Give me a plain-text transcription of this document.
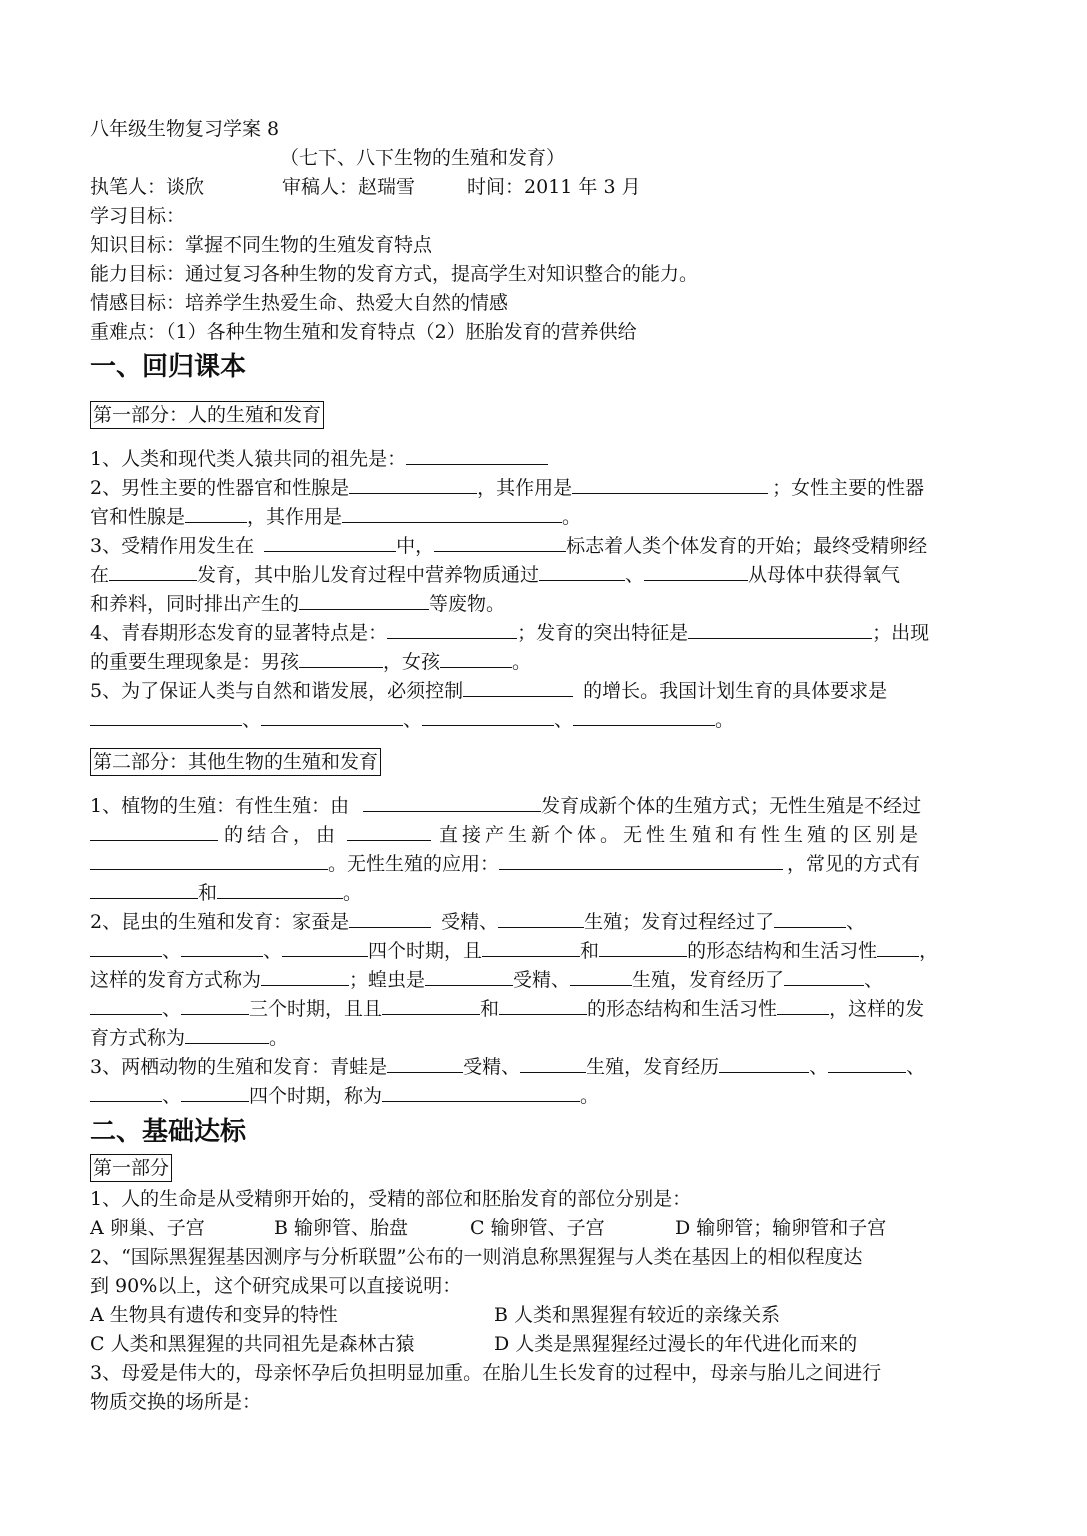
八年级生物复习学案 8
（七下、八下生物的生殖和发育）
执笔人：谈欣	审稿人：赵瑞雪	时间：2011 年 3 月
学习目标：
知识目标：掌握不同生物的生殖发育特点
能力目标：通过复习各种生物的发育方式，提高学生对知识整合的能力。
情感目标：培养学生热爱生命、热爱大自然的情感
重难点：（1）各种生物生殖和发育特点（2）胚胎发育的营养供给
一、回归课本
第一部分：人的生殖和发育
1、人类和现代类人猿共同的祖先是：
2、男性主要的性器官和性腺是	，其作用是	；女性主要的性器
官和性腺是	，其作用是	。
3、受精作用发生在	中，	标志着人类个体发育的开始；最终受精卵经
在	发育，其中胎儿发育过程中营养物质通过	、	从母体中获得氧气
和养料，同时排出产生的	等废物。
4、青春期形态发育的显著特点是：	；发育的突出特征是	；出现
的重要生理现象是：男孩	，女孩	。
5、为了保证人类与自然和谐发展，必须控制	的增长。我国计划生育的具体要求是
、	、	、	。
第二部分：其他生物的生殖和发育
1、植物的生殖：有性生殖：由	发育成新个体的生殖方式；无性生殖是不经过
的结合，由	直接产生新个体。无性生殖和有性生殖的区别是
。无性生殖的应用：	，常见的方式有
和	。
2、昆虫的生殖和发育：家蚕是	受精、	生殖；发育过程经过了	、
、	、	四个时期，且	和	的形态结构和生活习性 ，
这样的发育方式称为	；蝗虫是	受精、	生殖，发育经历了	、
、	三个时期，且且	和	的形态结构和生活习性	，这样的发
育方式称为	。
3、两栖动物的生殖和发育：青蛙是	受精、	生殖，发育经历	、	、
、	四个时期，称为	。
二、基础达标
第一部分
1、人的生命是从受精卵开始的，受精的部位和胚胎发育的部位分别是：
A 卵巢、子宫	B 输卵管、胎盘	C 输卵管、子宫	D 输卵管；输卵管和子宫
2、“国际黑猩猩基因测序与分析联盟”公布的一则消息称黑猩猩与人类在基因上的相似程度达
到 90%以上，这个研究成果可以直接说明：
A 生物具有遗传和变异的特性	B 人类和黑猩猩有较近的亲缘关系
C 人类和黑猩猩的共同祖先是森林古猿	D 人类是黑猩猩经过漫长的年代进化而来的
3、母爱是伟大的，母亲怀孕后负担明显加重。在胎儿生长发育的过程中，母亲与胎儿之间进行
物质交换的场所是：
